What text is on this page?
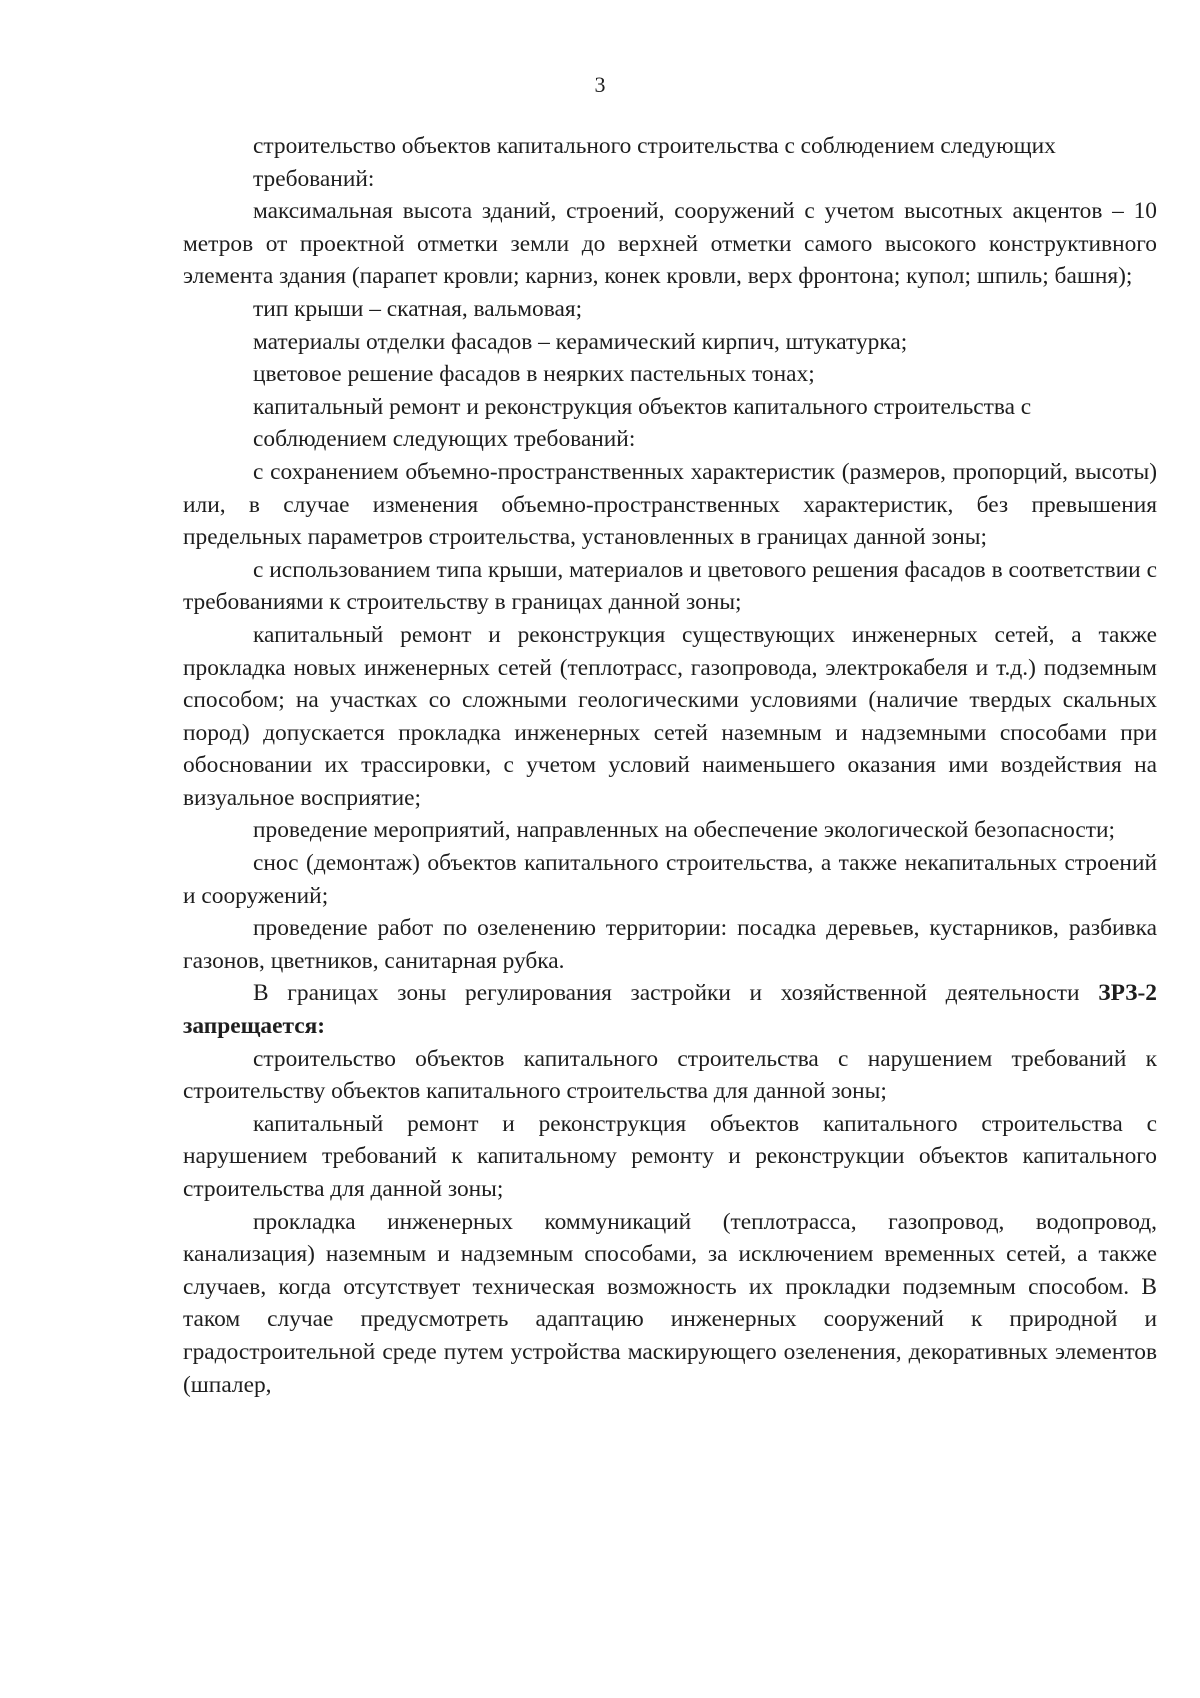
3

строительство объектов капитального строительства с соблюдением следующих требований:

максимальная высота зданий, строений, сооружений с учетом высотных акцентов – 10 метров от проектной отметки земли до верхней отметки самого высокого конструктивного элемента здания (парапет кровли; карниз, конек кровли, верх фронтона; купол; шпиль; башня);

тип крыши – скатная, вальмовая;

материалы отделки фасадов – керамический кирпич, штукатурка;

цветовое решение фасадов в неярких пастельных тонах;

капитальный ремонт и реконструкция объектов капитального строительства с соблюдением следующих требований:

с сохранением объемно-пространственных характеристик (размеров, пропорций, высоты) или, в случае изменения объемно-пространственных характеристик, без превышения предельных параметров строительства, установленных в границах данной зоны;

с использованием типа крыши, материалов и цветового решения фасадов в соответствии с требованиями к строительству в границах данной зоны;

капитальный ремонт и реконструкция существующих инженерных сетей, а также прокладка новых инженерных сетей (теплотрасс, газопровода, электрокабеля и т.д.) подземным способом; на участках со сложными геологическими условиями (наличие твердых скальных пород) допускается прокладка инженерных сетей наземным и надземными способами при обосновании их трассировки, с учетом условий наименьшего оказания ими воздействия на визуальное восприятие;

проведение мероприятий, направленных на обеспечение экологической безопасности;

снос (демонтаж) объектов капитального строительства, а также некапитальных строений и сооружений;

проведение работ по озеленению территории: посадка деревьев, кустарников, разбивка газонов, цветников, санитарная рубка.

В границах зоны регулирования застройки и хозяйственной деятельности ЗРЗ-2 запрещается:

строительство объектов капитального строительства с нарушением требований к строительству объектов капитального строительства для данной зоны;

капитальный ремонт и реконструкция объектов капитального строительства с нарушением требований к капитальному ремонту и реконструкции объектов капитального строительства для данной зоны;

прокладка инженерных коммуникаций (теплотрасса, газопровод, водопровод, канализация) наземным и надземным способами, за исключением временных сетей, а также случаев, когда отсутствует техническая возможность их прокладки подземным способом. В таком случае предусмотреть адаптацию инженерных сооружений к природной и градостроительной среде путем устройства маскирующего озеленения, декоративных элементов (шпалер,
